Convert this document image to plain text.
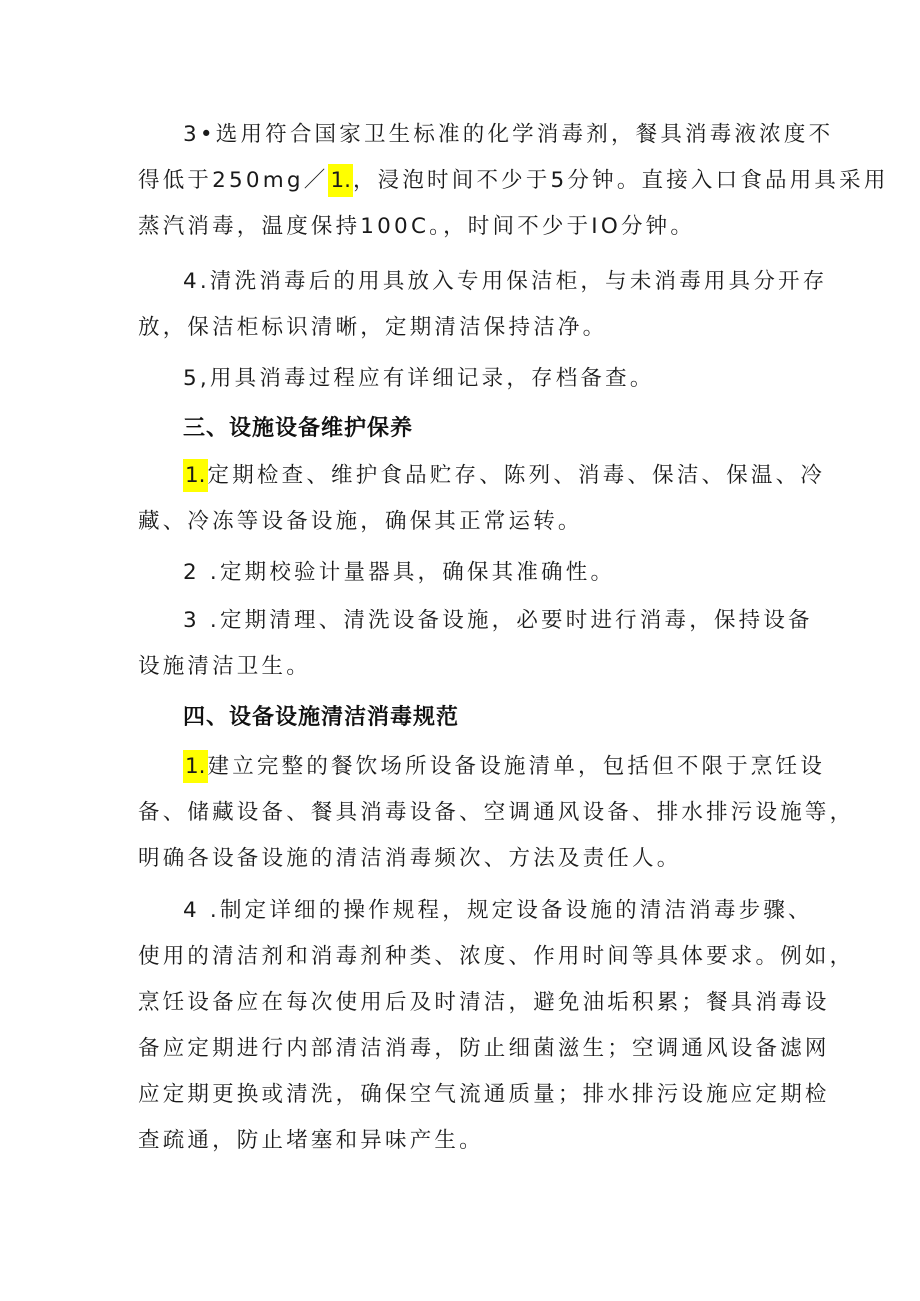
3•选用符合国家卫生标准的化学消毒剂，餐具消毒液浓度不
得低于250mg／1.，浸泡时间不少于5分钟。直接入口食品用具采用
蒸汽消毒，温度保持100C。，时间不少于IO分钟。
4.清洗消毒后的用具放入专用保洁柜，与未消毒用具分开存
放，保洁柜标识清晰，定期清洁保持洁净。
5,用具消毒过程应有详细记录，存档备查。
三、设施设备维护保养
1.定期检查、维护食品贮存、陈列、消毒、保洁、保温、冷
藏、冷冻等设备设施，确保其正常运转。
2 .定期校验计量器具，确保其准确性。
3 .定期清理、清洗设备设施，必要时进行消毒，保持设备
设施清洁卫生。
四、设备设施清洁消毒规范
1.建立完整的餐饮场所设备设施清单，包括但不限于烹饪设
备、储藏设备、餐具消毒设备、空调通风设备、排水排污设施等，
明确各设备设施的清洁消毒频次、方法及责任人。
4 .制定详细的操作规程，规定设备设施的清洁消毒步骤、
使用的清洁剂和消毒剂种类、浓度、作用时间等具体要求。例如，
烹饪设备应在每次使用后及时清洁，避免油垢积累；餐具消毒设
备应定期进行内部清洁消毒，防止细菌滋生；空调通风设备滤网
应定期更换或清洗，确保空气流通质量；排水排污设施应定期检
查疏通，防止堵塞和异味产生。
